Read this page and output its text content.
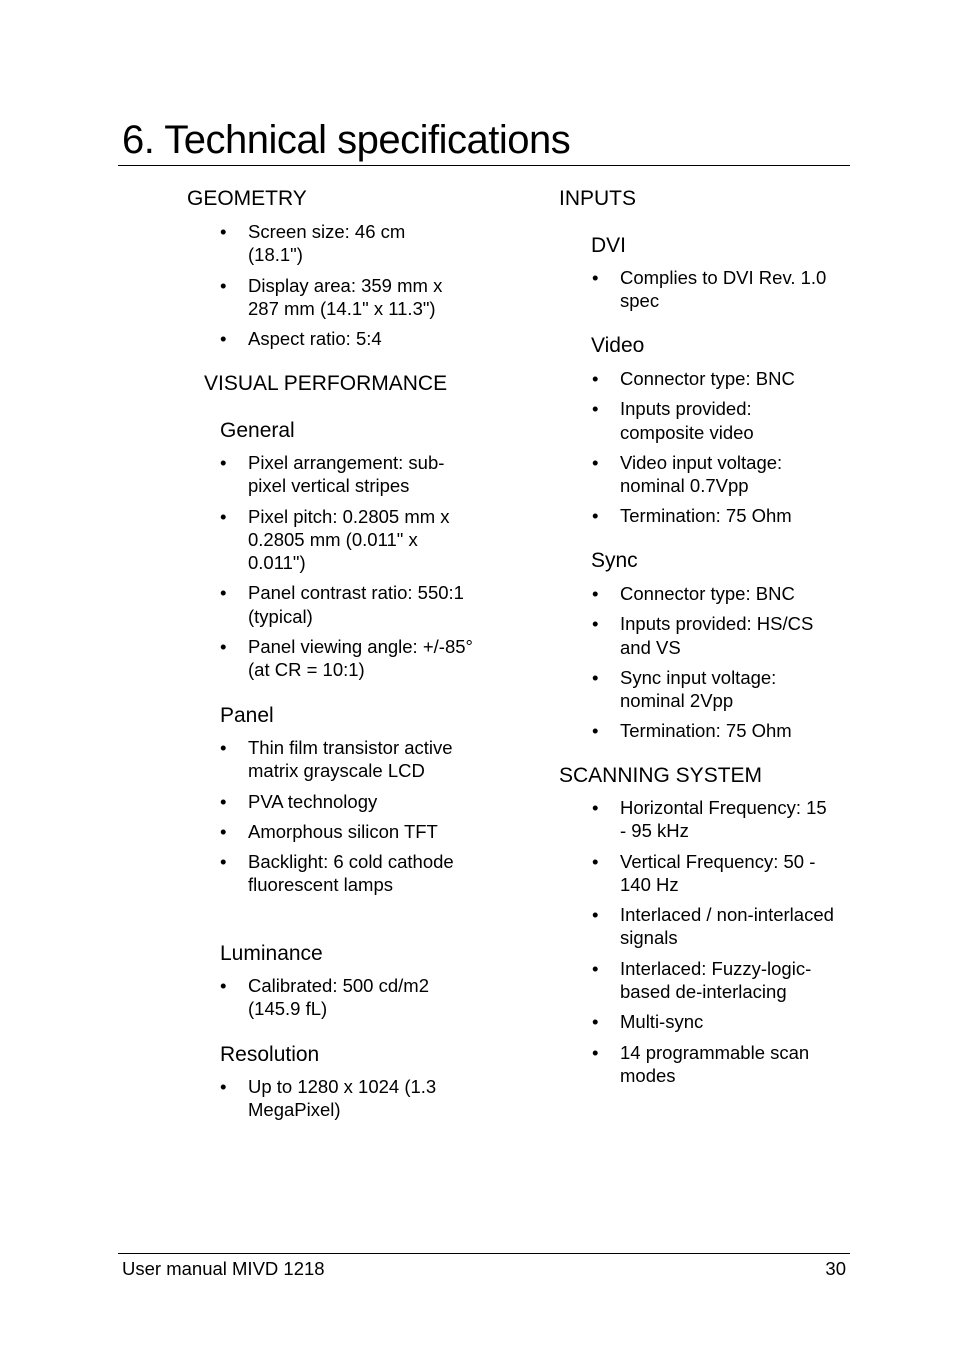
6. Technical specifications
GEOMETRY
• Screen size: 46 cm (18.1")
• Display area: 359 mm x 287 mm (14.1" x 11.3")
• Aspect ratio: 5:4
VISUAL PERFORMANCE
General
• Pixel arrangement: sub-pixel vertical stripes
• Pixel pitch: 0.2805 mm x 0.2805 mm (0.011" x 0.011")
• Panel contrast ratio: 550:1 (typical)
• Panel viewing angle: +/-85° (at CR = 10:1)
Panel
• Thin film transistor active matrix grayscale LCD
• PVA technology
• Amorphous silicon TFT
• Backlight: 6 cold cathode fluorescent lamps
Luminance
• Calibrated: 500 cd/m2 (145.9 fL)
Resolution
• Up to 1280 x 1024 (1.3 MegaPixel)
INPUTS
DVI
• Complies to DVI Rev. 1.0 spec
Video
• Connector type: BNC
• Inputs provided: composite video
• Video input voltage: nominal 0.7Vpp
• Termination: 75 Ohm
Sync
• Connector type: BNC
• Inputs provided: HS/CS and VS
• Sync input voltage: nominal 2Vpp
• Termination: 75 Ohm
SCANNING SYSTEM
• Horizontal Frequency: 15 - 95 kHz
• Vertical Frequency: 50 - 140 Hz
• Interlaced / non-interlaced signals
• Interlaced: Fuzzy-logic-based de-interlacing
• Multi-sync
• 14 programmable scan modes
User manual MIVD 1218	30
